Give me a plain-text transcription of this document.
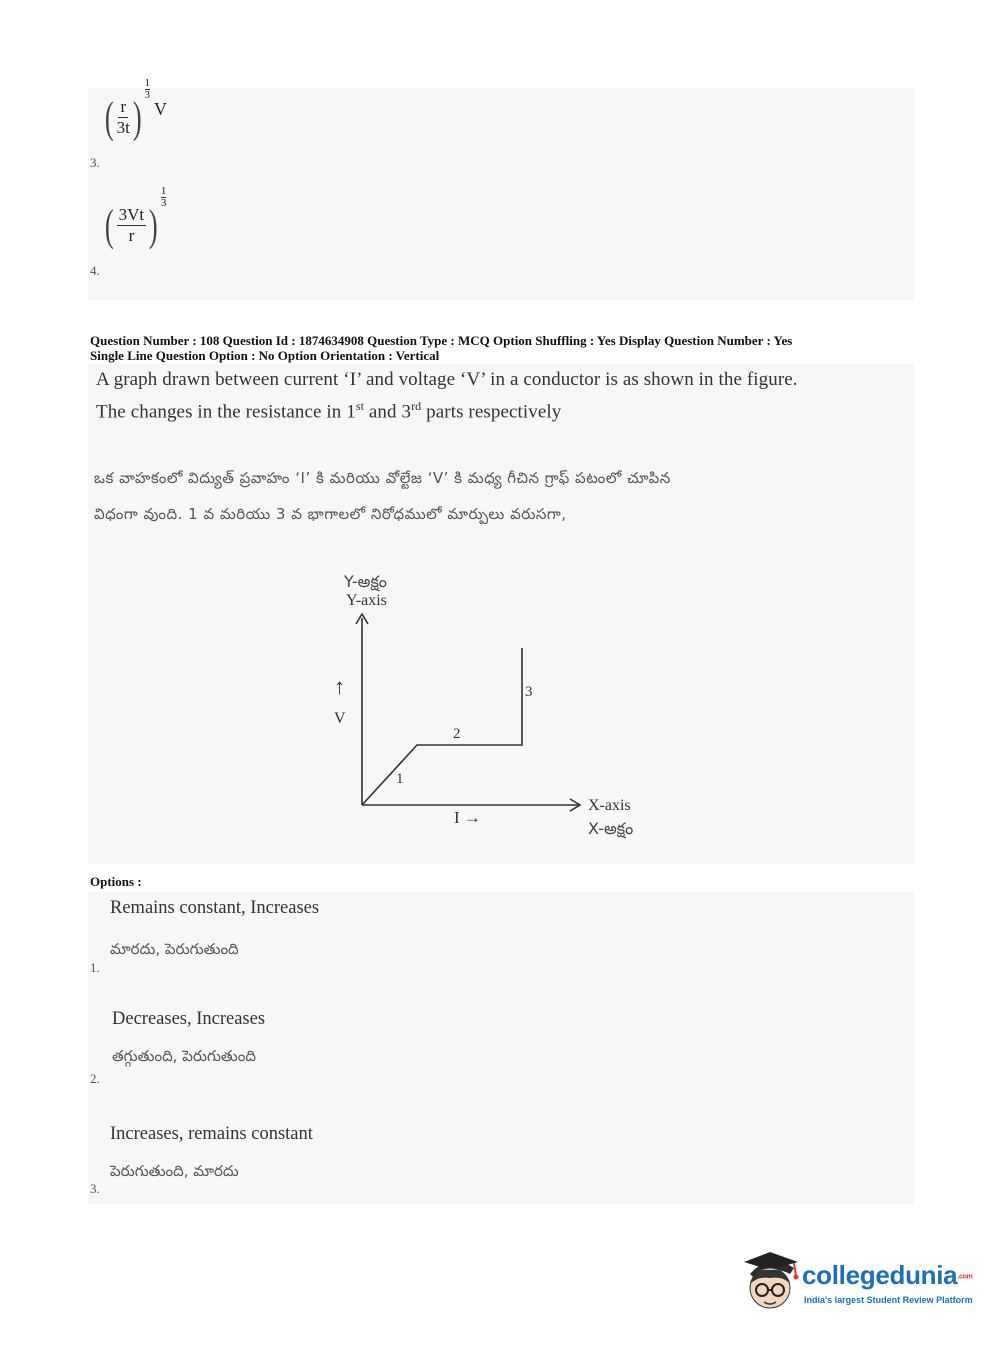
( $\frac{r}{3t}$ )
$\frac{1}{3}$
V
3.
( $\frac{3Vt}{r}$ )
$\frac{1}{3}$
4.
Question Number : 108 Question Id : 1874634908 Question Type : MCQ Option Shuffling : Yes Display Question Number : Yes
Single Line Question Option : No Option Orientation : Vertical
A graph drawn between current ‘I’ and voltage ‘V’ in a conductor is as shown in the figure.
The changes in the resistance in 1st and 3rd parts respectively
ఒక వాహకంలో విద్యుత్ ప్రవాహం ‘I’ కి మరియు వోల్టేజ ‘V’ కి మధ్య గీచిన గ్రాఫ్ పటంలో చూపిన
విధంగా వుంది. 1 వ మరియు 3 వ భాగాలలో నిరోధములో మార్పులు వరుసగా,
Y-అక్షం
Y-axis
↑
V
1
2
3
I →
X-axis
X-అక్షం
Options :
Remains constant, Increases
మారదు, పెరుగుతుంది
1.
Decreases, Increases
తగ్గుతుంది, పెరుగుతుంది
2.
Increases, remains constant
పెరుగుతుంది, మారదు
3.
collegedunia.com
India's largest Student Review Platform
